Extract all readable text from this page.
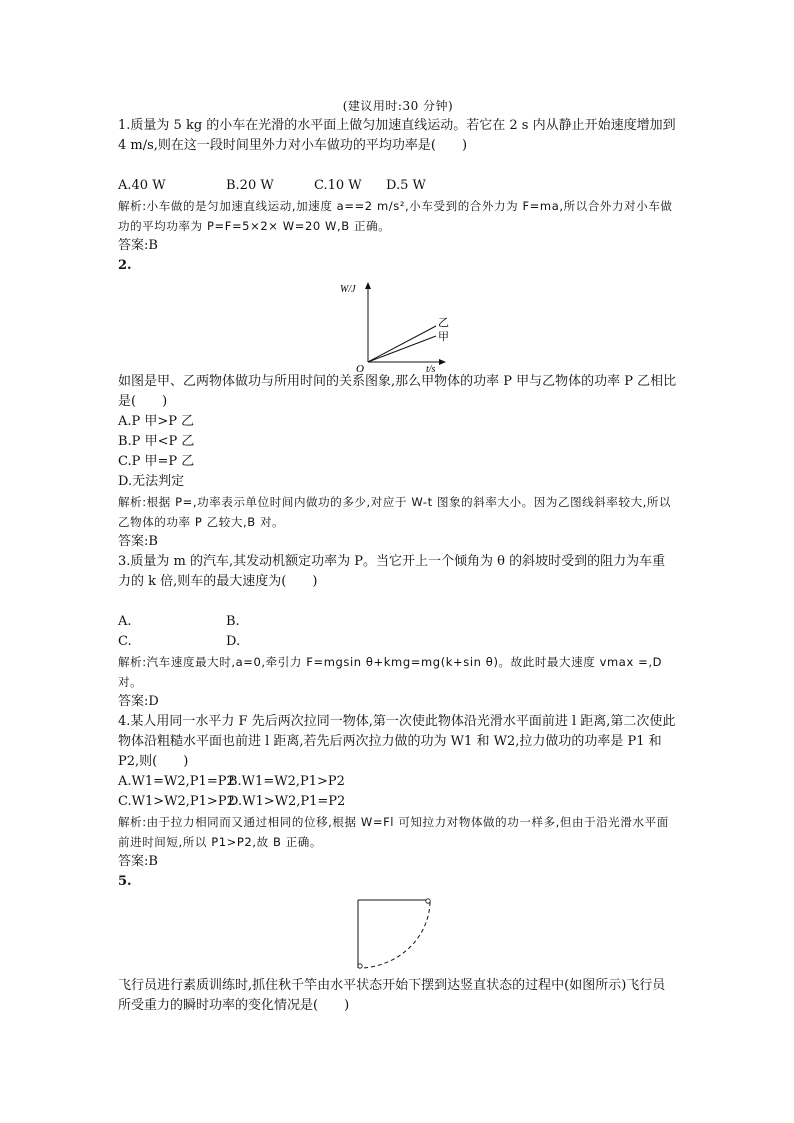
(建议用时:30 分钟)

1.质量为 5 kg 的小车在光滑的水平面上做匀加速直线运动。若它在 2 s 内从静止开始速度增加到 4 m/s,则在这一段时间里外力对小车做功的平均功率是(　　)

A.40 W	B.20 W	C.10 W	D.5 W
解析:小车做的是匀加速直线运动,加速度 a==2 m/s²,小车受到的合外力为 F=ma,所以合外力对小车做功的平均功率为 P=F=5×2× W=20 W,B 正确。
答案:B
2.
W/J
t/s
O
乙
甲

如图是甲、乙两物体做功与所用时间的关系图象,那么甲物体的功率 P 甲与乙物体的功率 P 乙相比是(　　)

A.P 甲>P 乙
B.P 甲<P 乙
C.P 甲=P 乙
D.无法判定
解析:根据 P=,功率表示单位时间内做功的多少,对应于 W-t 图象的斜率大小。因为乙图线斜率较大,所以乙物体的功率 P 乙较大,B 对。
答案:B

3.质量为 m 的汽车,其发动机额定功率为 P。当它开上一个倾角为 θ 的斜坡时受到的阻力为车重力的 k 倍,则车的最大速度为(　　)

A.	B.
C.	D.
解析:汽车速度最大时,a=0,牵引力 F=mgsin θ+kmg=mg(k+sin θ)。故此时最大速度 vmax =,D 对。
答案:D

4.某人用同一水平力 F 先后两次拉同一物体,第一次使此物体沿光滑水平面前进 l 距离,第二次使此物体沿粗糙水平面也前进 l 距离,若先后两次拉力做的功为 W1 和 W2,拉力做功的功率是 P1 和 P2,则(　　)

A.W1=W2,P1=P2
B.W1=W2,P1>P2
C.W1>W2,P1>P2
D.W1>W2,P1=P2
解析:由于拉力相同而又通过相同的位移,根据 W=Fl 可知拉力对物体做的功一样多,但由于沿光滑水平面前进时间短,所以 P1>P2,故 B 正确。
答案:B
5.

飞行员进行素质训练时,抓住秋千竿由水平状态开始下摆到达竖直状态的过程中(如图所示)飞行员所受重力的瞬时功率的变化情况是(　　)
